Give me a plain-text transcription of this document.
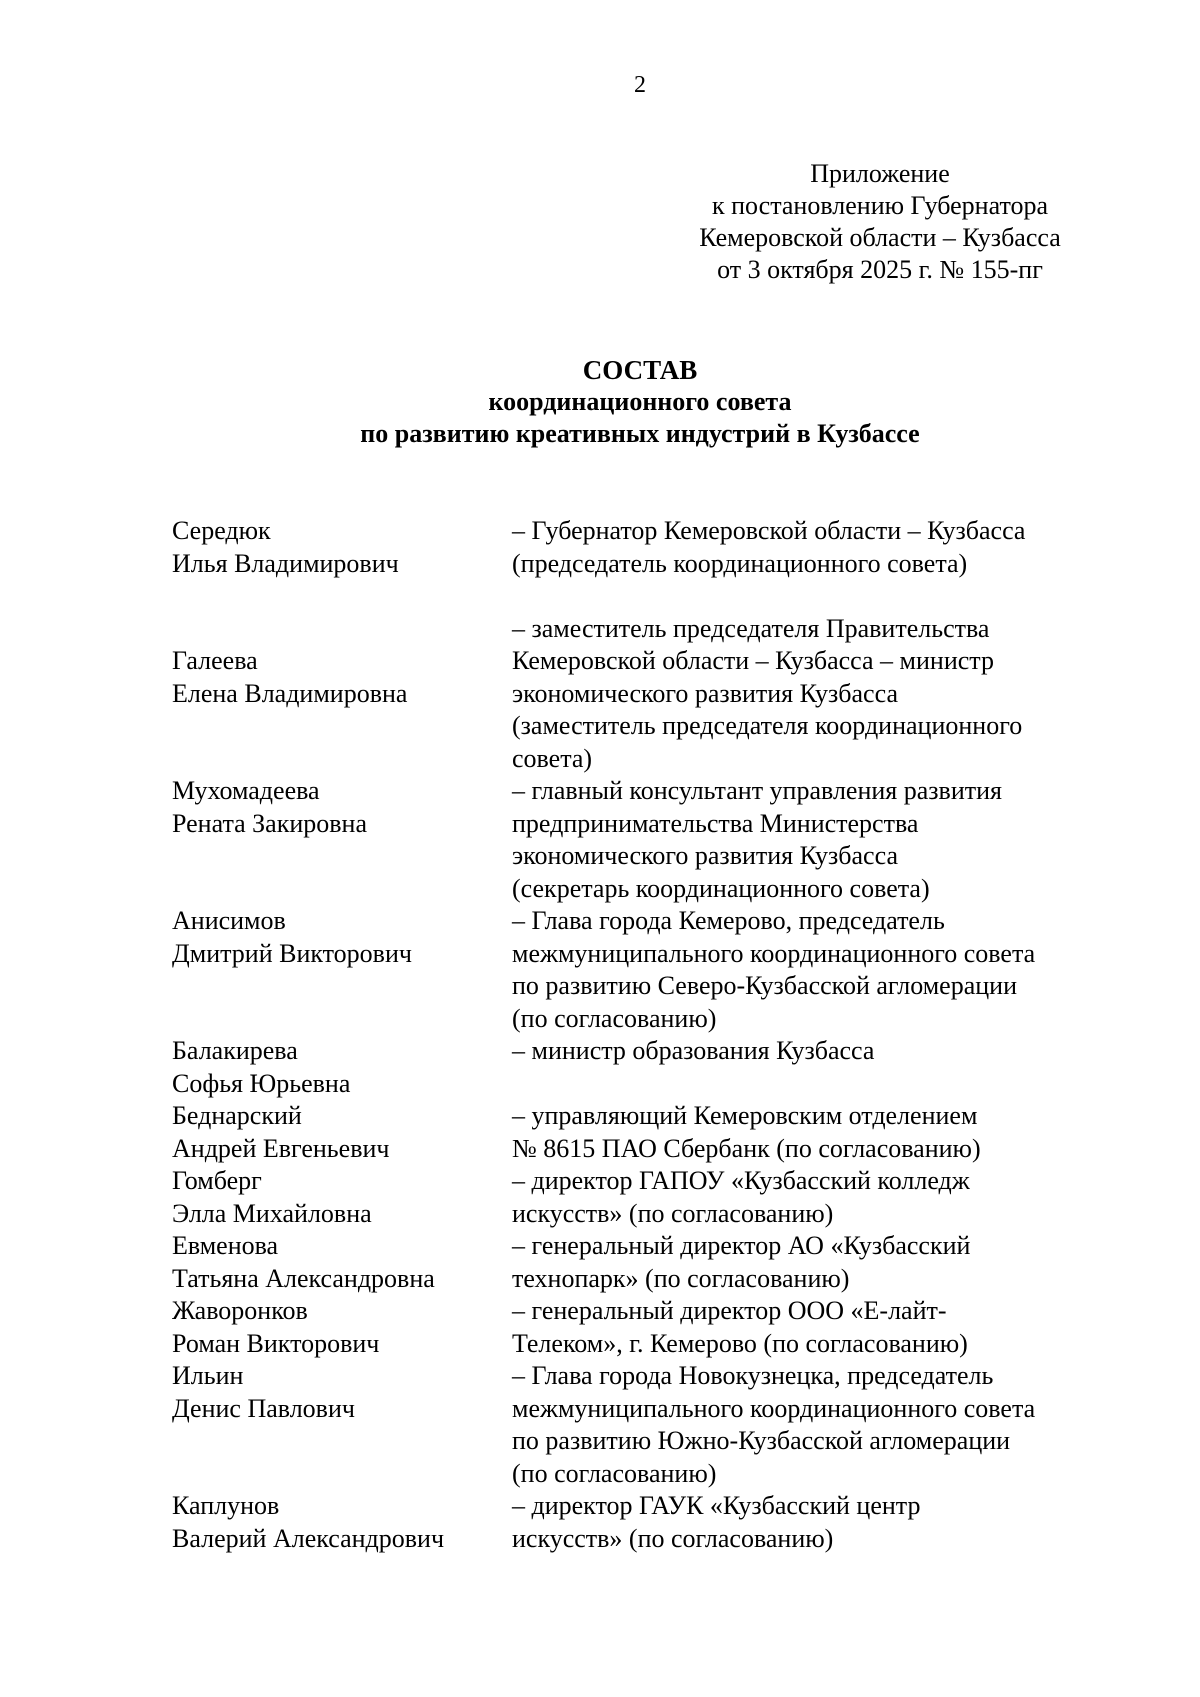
2
Приложение
к постановлению Губернатора
Кемеровской области – Кузбасса
от 3 октября 2025 г. № 155-пг
СОСТАВ
координационного совета
по развитию креативных индустрий в Кузбассе
Середюк
Илья Владимирович
– Губернатор Кемеровской области – Кузбасса
(председатель координационного совета)
Галеева
Елена Владимировна
– заместитель председателя Правительства
Кемеровской области – Кузбасса – министр
экономического развития Кузбасса
(заместитель председателя координационного
совета)
Мухомадеева
Рената Закировна
– главный консультант управления развития
предпринимательства Министерства
экономического развития Кузбасса
(секретарь координационного совета)
Анисимов
Дмитрий Викторович
– Глава города Кемерово, председатель
межмуниципального координационного совета
по развитию Северо-Кузбасской агломерации
(по согласованию)
Балакирева
Софья Юрьевна
– министр образования Кузбасса
Беднарский
Андрей Евгеньевич
– управляющий Кемеровским отделением
№ 8615 ПАО Сбербанк (по согласованию)
Гомберг
Элла Михайловна
– директор ГАПОУ «Кузбасский колледж
искусств» (по согласованию)
Евменова
Татьяна Александровна
– генеральный директор АО «Кузбасский
технопарк» (по согласованию)
Жаворонков
Роман Викторович
– генеральный директор ООО «Е-лайт-
Телеком», г. Кемерово (по согласованию)
Ильин
Денис Павлович
– Глава города Новокузнецка, председатель
межмуниципального координационного совета
по развитию Южно-Кузбасской агломерации
(по согласованию)
Каплунов
Валерий Александрович
– директор ГАУК «Кузбасский центр
искусств» (по согласованию)
